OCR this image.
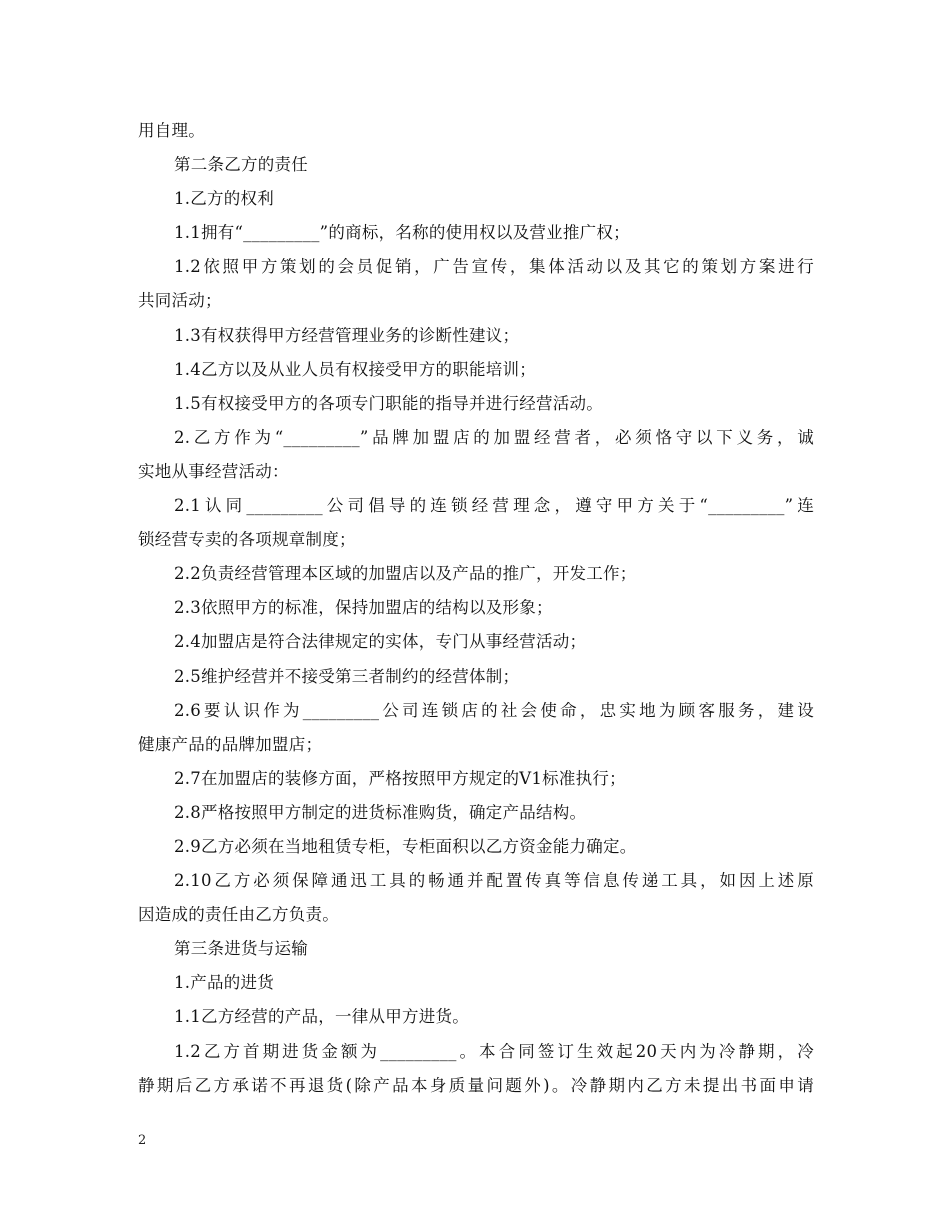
用自理。
第二条乙方的责任
1.乙方的权利
1.1拥有“_________”的商标，名称的使用权以及营业推广权；
1.2依照甲方策划的会员促销，广告宣传，集体活动以及其它的策划方案进行
共同活动；
1.3有权获得甲方经营管理业务的诊断性建议；
1.4乙方以及从业人员有权接受甲方的职能培训；
1.5有权接受甲方的各项专门职能的指导并进行经营活动。
2.乙方作为“_________”品牌加盟店的加盟经营者，必须恪守以下义务，诚
实地从事经营活动：
2.1认同_________公司倡导的连锁经营理念，遵守甲方关于“_________”连
锁经营专卖的各项规章制度；
2.2负责经营管理本区域的加盟店以及产品的推广，开发工作；
2.3依照甲方的标准，保持加盟店的结构以及形象；
2.4加盟店是符合法律规定的实体，专门从事经营活动；
2.5维护经营并不接受第三者制约的经营体制；
2.6要认识作为_________公司连锁店的社会使命，忠实地为顾客服务，建设
健康产品的品牌加盟店；
2.7在加盟店的装修方面，严格按照甲方规定的V1标准执行；
2.8严格按照甲方制定的进货标准购货，确定产品结构。
2.9乙方必须在当地租赁专柜，专柜面积以乙方资金能力确定。
2.10乙方必须保障通迅工具的畅通并配置传真等信息传递工具，如因上述原
因造成的责任由乙方负责。
第三条进货与运输
1.产品的进货
1.1乙方经营的产品，一律从甲方进货。
1.2乙方首期进货金额为_________。本合同签订生效起20天内为冷静期，冷
静期后乙方承诺不再退货(除产品本身质量问题外)。冷静期内乙方未提出书面申请
2
